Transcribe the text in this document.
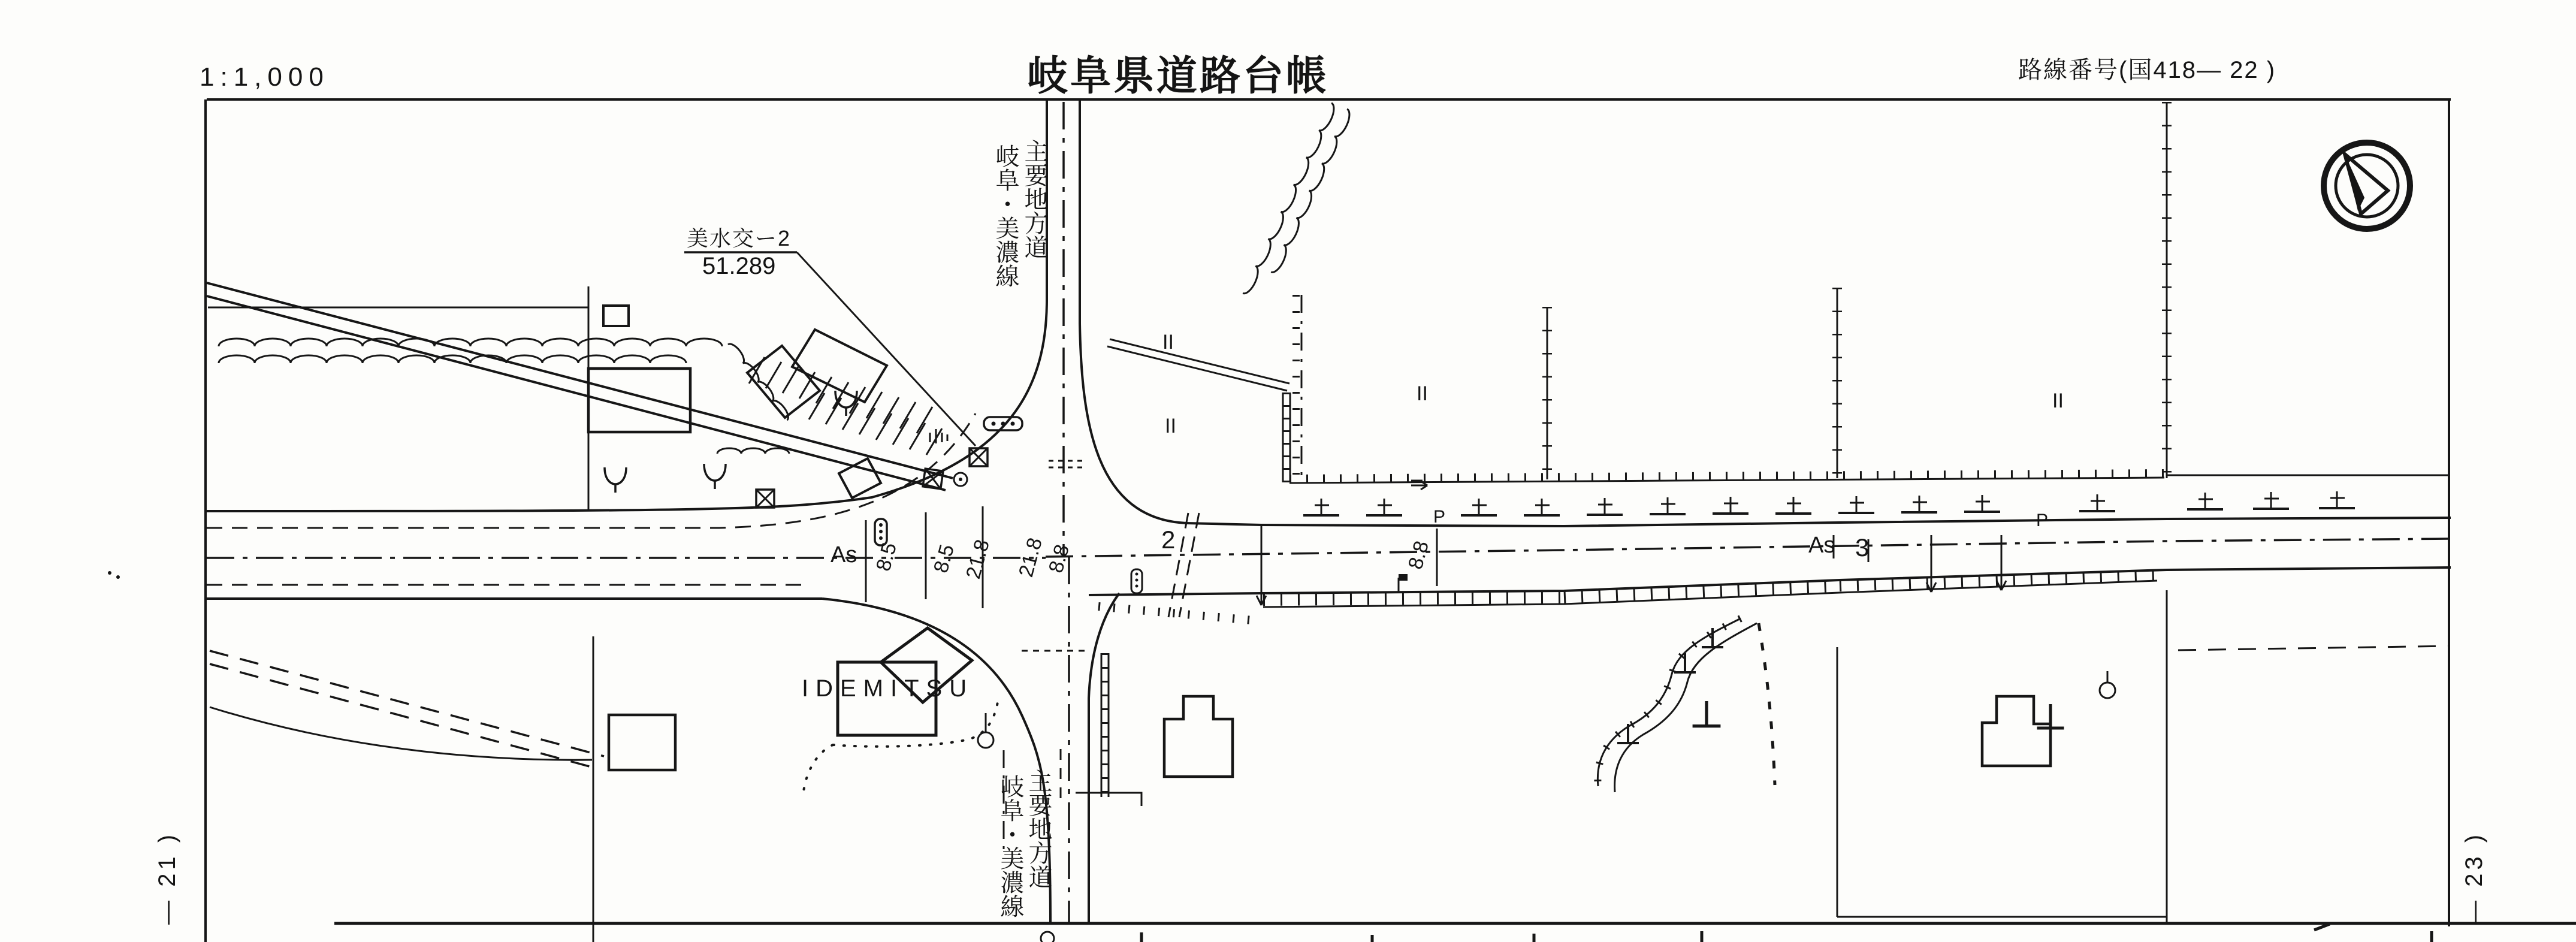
1:1,000	岐阜県道路台帳	路線番号(国418— 22 )
美水交ー2
51.289
主要地方道
岐阜・美濃線
主要地方道
岐阜・美濃線
As	As
2	3
8.5 8.5 21.8 21.8
8.8	8.8
P	P
II
II
II	II
IDEMITSU
— 21 )	— 23 )
